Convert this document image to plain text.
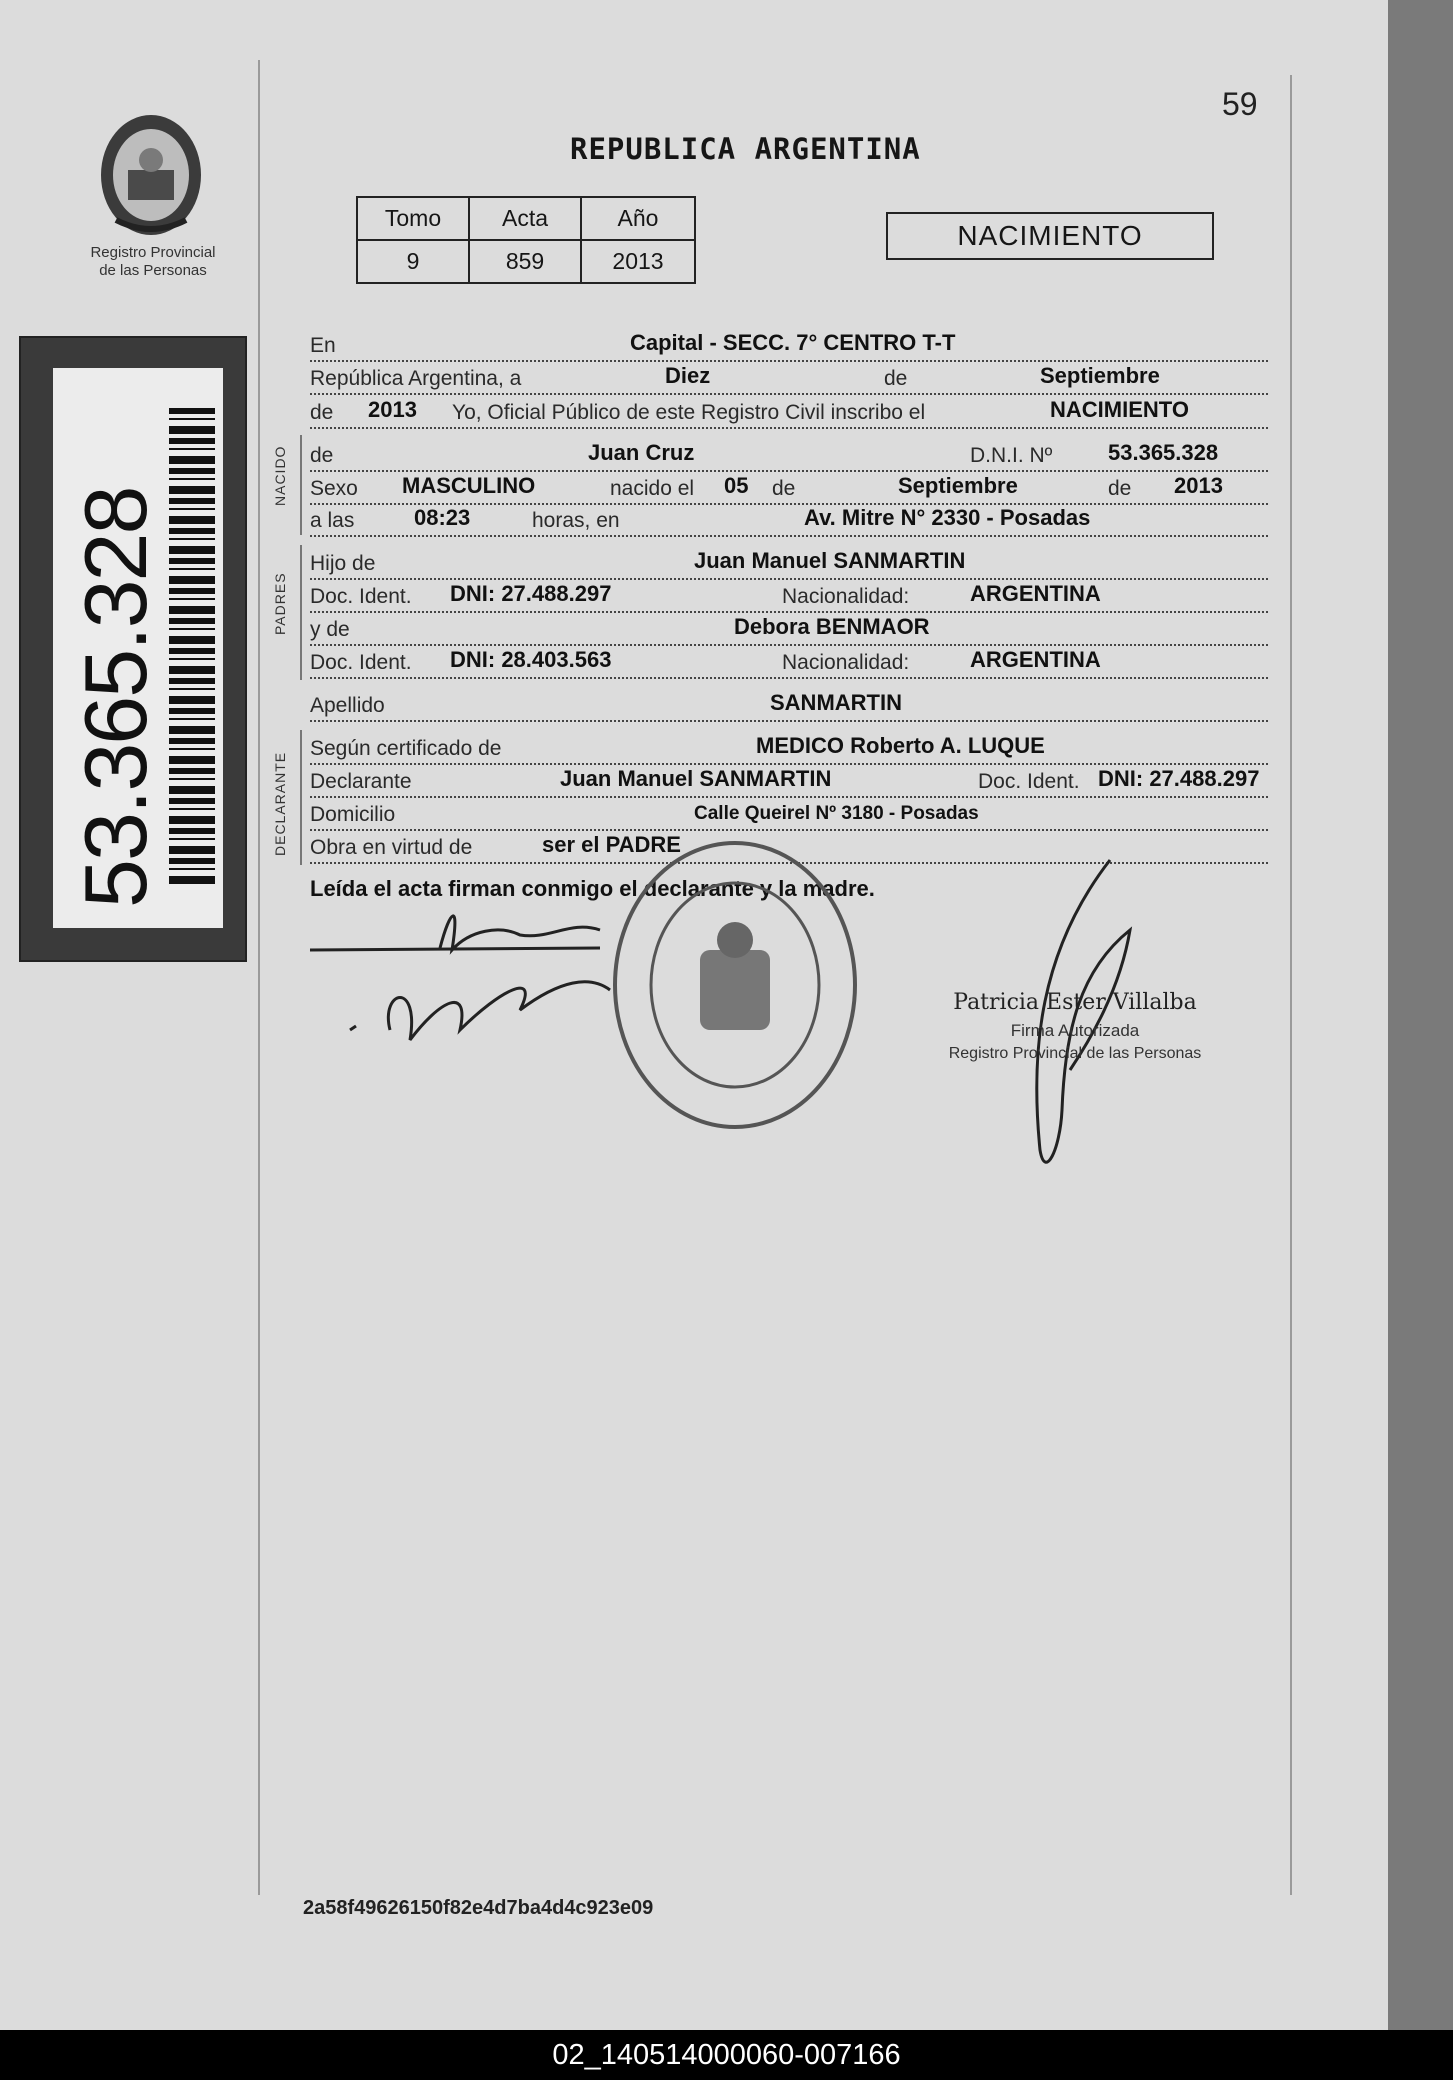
Registro Provincial
de las Personas
53.365.328
59
REPUBLICA ARGENTINA
Tomo	Acta	Año
9	859	2013
NACIMIENTO
En	Capital - SECC. 7° CENTRO T-T
República Argentina, a	Diez	de	Septiembre
de 2013 Yo, Oficial Público de este Registro Civil inscribo el	NACIMIENTO
NACIDO de	Juan Cruz	D.N.I. Nº	53.365.328
Sexo MASCULINO	nacido el 05 de	Septiembre	de 2013
a las	08:23	horas, en	Av. Mitre N° 2330 - Posadas
PADRES
Hijo de	Juan Manuel SANMARTIN
Doc. Ident. DNI: 27.488.297	Nacionalidad:	ARGENTINA
y de	Debora BENMAOR
Doc. Ident. DNI: 28.403.563	Nacionalidad:	ARGENTINA
Apellido	SANMARTIN
DECLARANTE
Según certificado de	MEDICO Roberto A. LUQUE
Declarante	Juan Manuel SANMARTIN	Doc. Ident. DNI: 27.488.297
Domicilio	Calle Queirel Nº 3180 - Posadas
Obra en virtud de	ser el PADRE
Leída el acta firman conmigo el declarante y la madre.
Patricia Ester Villalba
Firma Autorizada
Registro Provincial de las Personas
2a58f49626150f82e4d7ba4d4c923e09
02_140514000060-007166
